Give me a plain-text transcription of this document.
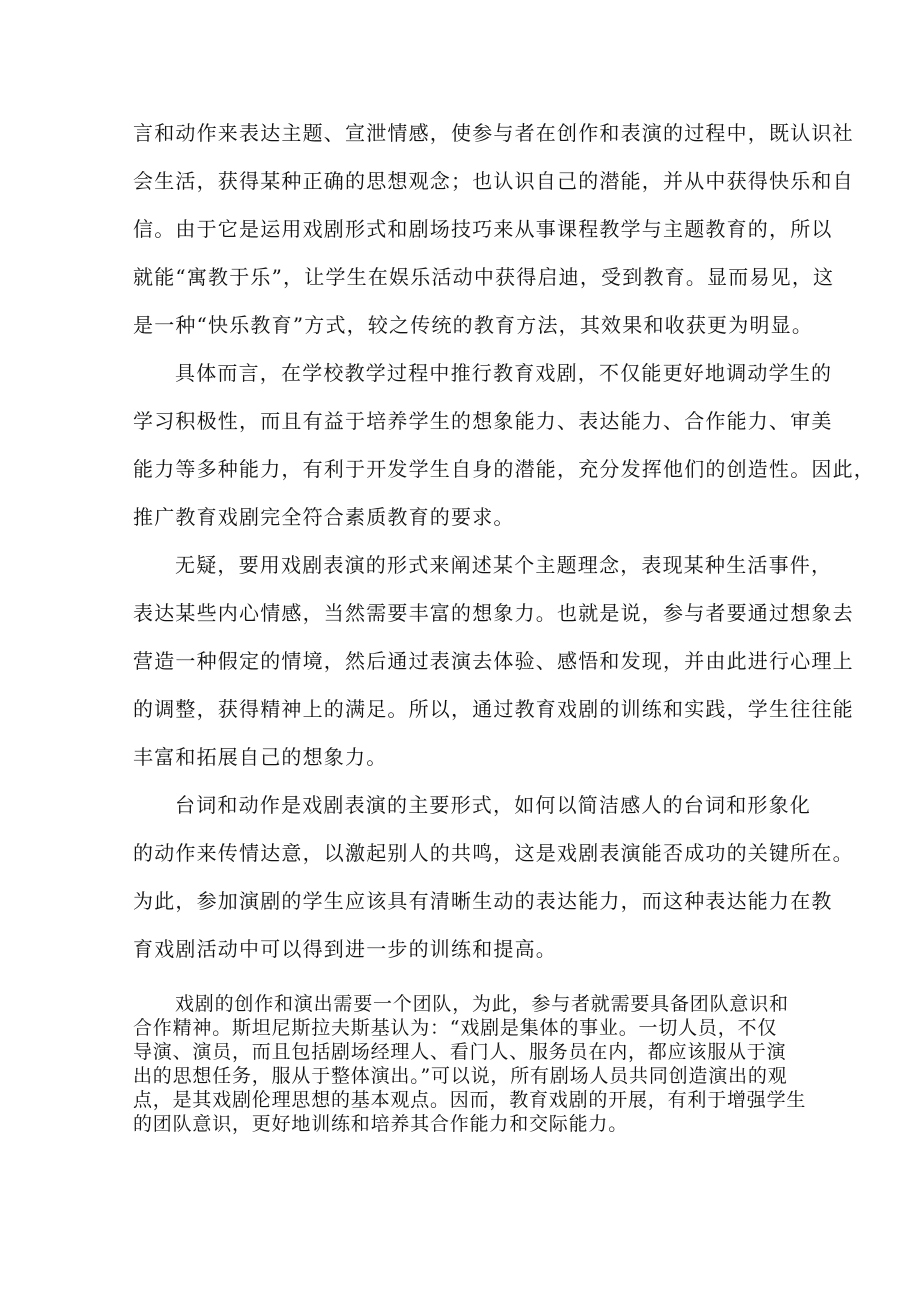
言和动作来表达主题、宣泄情感，使参与者在创作和表演的过程中，既认识社
会生活，获得某种正确的思想观念；也认识自己的潜能，并从中获得快乐和自
信。由于它是运用戏剧形式和剧场技巧来从事课程教学与主题教育的，所以
就能“寓教于乐”，让学生在娱乐活动中获得启迪，受到教育。显而易见，这
是一种“快乐教育”方式，较之传统的教育方法，其效果和收获更为明显。
具体而言，在学校教学过程中推行教育戏剧，不仅能更好地调动学生的
学习积极性，而且有益于培养学生的想象能力、表达能力、合作能力、审美
能力等多种能力，有利于开发学生自身的潜能，充分发挥他们的创造性。因此，
推广教育戏剧完全符合素质教育的要求。
无疑，要用戏剧表演的形式来阐述某个主题理念，表现某种生活事件，
表达某些内心情感，当然需要丰富的想象力。也就是说，参与者要通过想象去
营造一种假定的情境，然后通过表演去体验、感悟和发现，并由此进行心理上
的调整，获得精神上的满足。所以，通过教育戏剧的训练和实践，学生往往能
丰富和拓展自己的想象力。
台词和动作是戏剧表演的主要形式，如何以简洁感人的台词和形象化
的动作来传情达意，以激起别人的共鸣，这是戏剧表演能否成功的关键所在。
为此，参加演剧的学生应该具有清晰生动的表达能力，而这种表达能力在教
育戏剧活动中可以得到进一步的训练和提高。
戏剧的创作和演出需要一个团队，为此，参与者就需要具备团队意识和
合作精神。斯坦尼斯拉夫斯基认为：“戏剧是集体的事业。一切人员，不仅
导演、演员，而且包括剧场经理人、看门人、服务员在内，都应该服从于演
出的思想任务，服从于整体演出。”可以说，所有剧场人员共同创造演出的观
点，是其戏剧伦理思想的基本观点。因而，教育戏剧的开展，有利于增强学生
的团队意识，更好地训练和培养其合作能力和交际能力。
